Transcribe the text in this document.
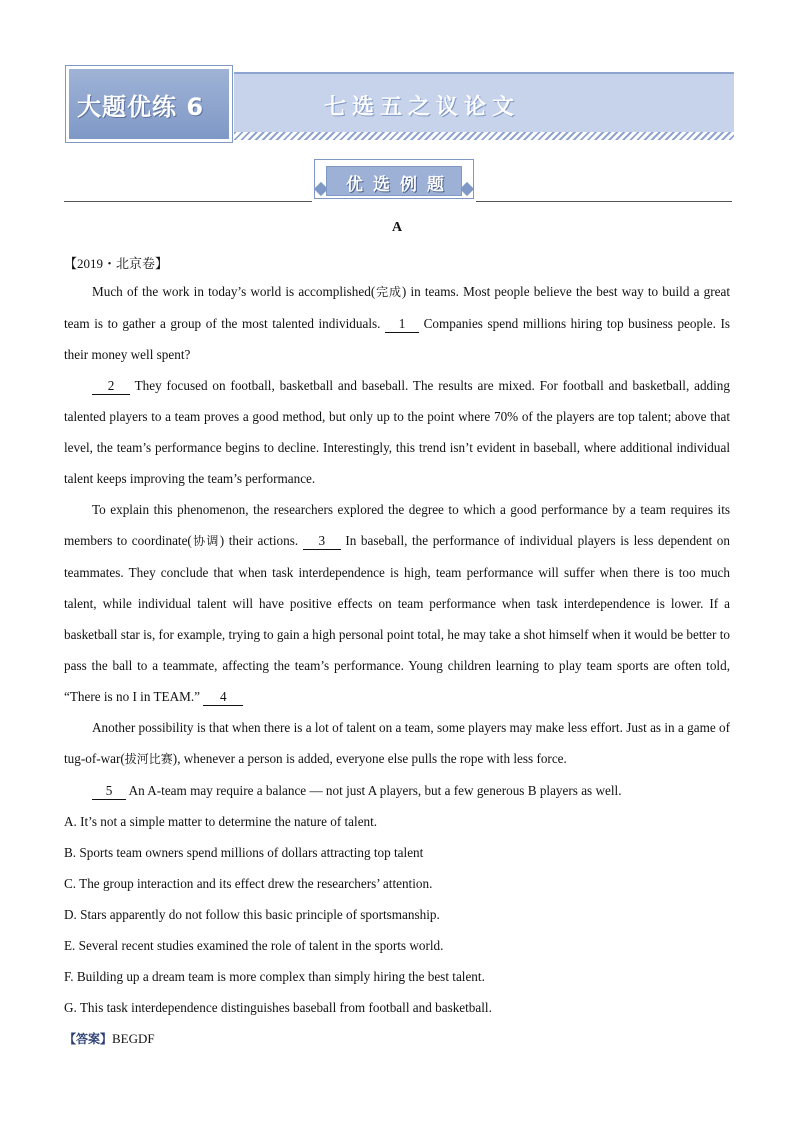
七选五之议论文
大题优练 6
优选例题
A
【2019・北京卷】

Much of the work in today’s world is accomplished(完成) in teams. Most people believe the best way to build a great team is to gather a group of the most talented individuals. 1 Companies spend millions hiring top business people. Is their money well spent?

2 They focused on football, basketball and baseball. The results are mixed. For football and basketball, adding talented players to a team proves a good method, but only up to the point where 70% of the players are top talent; above that level, the team’s performance begins to decline. Interestingly, this trend isn’t evident in baseball, where additional individual talent keeps improving the team’s performance.

To explain this phenomenon, the researchers explored the degree to which a good performance by a team requires its members to coordinate(协调) their actions. 3 In baseball, the performance of individual players is less dependent on teammates. They conclude that when task interdependence is high, team performance will suffer when there is too much talent, while individual talent will have positive effects on team performance when task interdependence is lower. If a basketball star is, for example, trying to gain a high personal point total, he may take a shot himself when it would be better to pass the ball to a teammate, affecting the team’s performance. Young children learning to play team sports are often told, “There is no I in TEAM.” 4

Another possibility is that when there is a lot of talent on a team, some players may make less effort. Just as in a game of tug-of-war(拔河比赛), whenever a person is added, everyone else pulls the rope with less force.

5 An A-team may require a balance — not just A players, but a few generous B players as well.

A. It’s not a simple matter to determine the nature of talent.
B. Sports team owners spend millions of dollars attracting top talent
C. The group interaction and its effect drew the researchers’ attention.
D. Stars apparently do not follow this basic principle of sportsmanship.
E. Several recent studies examined the role of talent in the sports world.
F. Building up a dream team is more complex than simply hiring the best talent.
G. This task interdependence distinguishes baseball from football and basketball.
【答案】BEGDF
